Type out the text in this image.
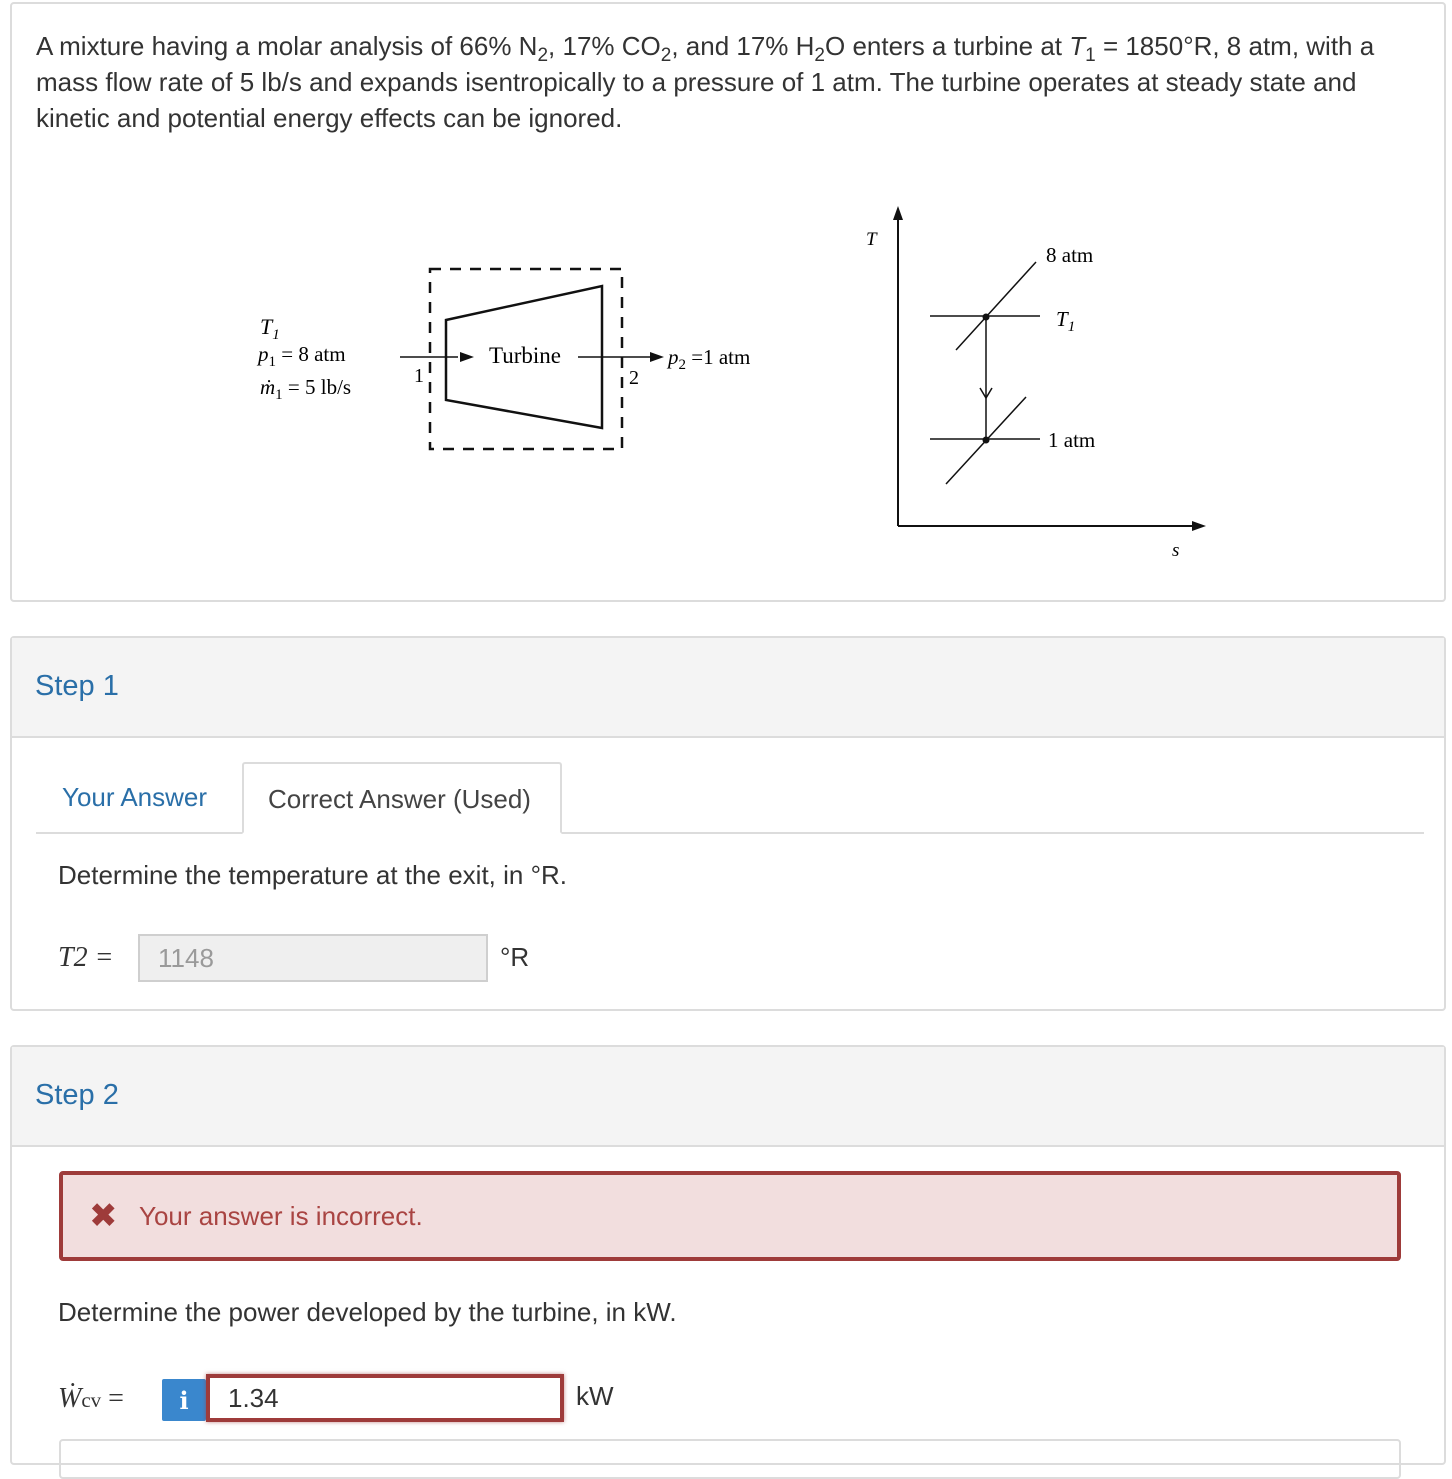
A mixture having a molar analysis of 66% $N_2$, 17% $CO_2$, and 17% $H_2O$ enters a turbine at $T_1 = 1850^\circ R$, 8 atm, with a mass flow rate of 5 lb/s and expands isentropically to a pressure of 1 atm. The turbine operates at steady state and kinetic and potential energy effects can be ignored.
$T_1$
$p_1 = 8$ atm
ṁ$_1$ = 5 lb/s
Turbine
1	2
$p_2 =1$ atm
T
s
8 atm
$T_1$
1 atm
Step 1
Your Answer	Correct Answer (Used)
Determine the temperature at the exit, in °R.
T2 =	1148	°R
Step 2
✖ Your answer is incorrect.
Determine the power developed by the turbine, in kW.
Ẇcv =	i	1.34	kW
